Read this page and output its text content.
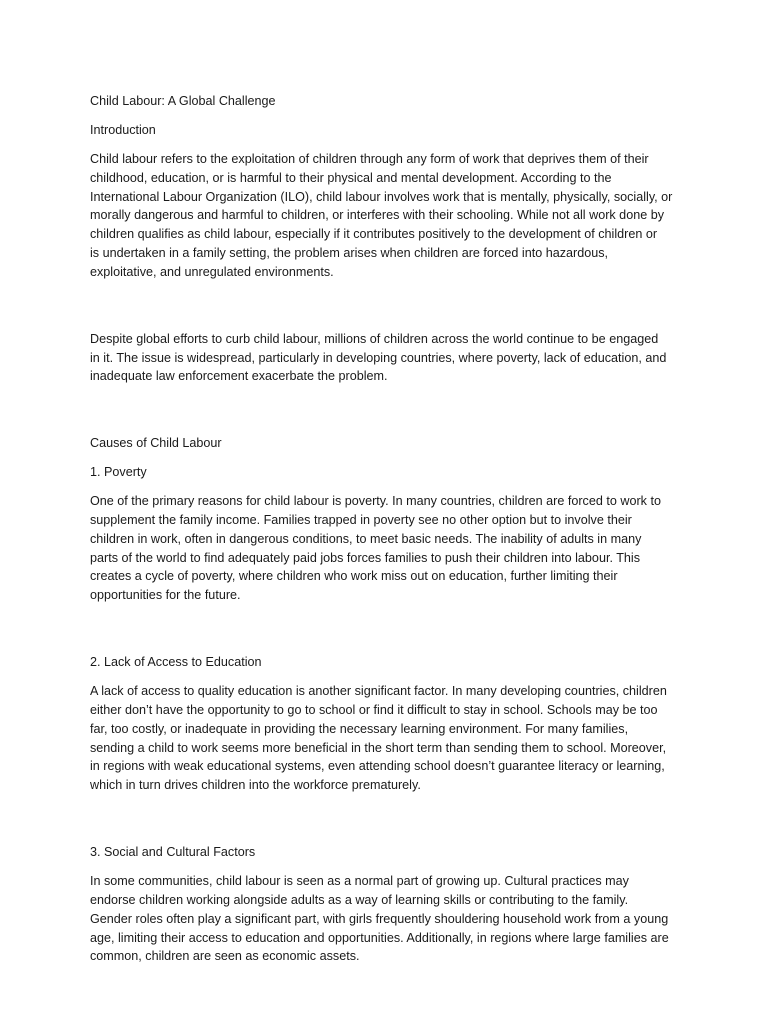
Child Labour: A Global Challenge
Introduction
Child labour refers to the exploitation of children through any form of work that deprives them of their
childhood, education, or is harmful to their physical and mental development. According to the
International Labour Organization (ILO), child labour involves work that is mentally, physically, socially, or
morally dangerous and harmful to children, or interferes with their schooling. While not all work done by
children qualifies as child labour, especially if it contributes positively to the development of children or
is undertaken in a family setting, the problem arises when children are forced into hazardous,
exploitative, and unregulated environments.
Despite global efforts to curb child labour, millions of children across the world continue to be engaged
in it. The issue is widespread, particularly in developing countries, where poverty, lack of education, and
inadequate law enforcement exacerbate the problem.
Causes of Child Labour
1. Poverty
One of the primary reasons for child labour is poverty. In many countries, children are forced to work to
supplement the family income. Families trapped in poverty see no other option but to involve their
children in work, often in dangerous conditions, to meet basic needs. The inability of adults in many
parts of the world to find adequately paid jobs forces families to push their children into labour. This
creates a cycle of poverty, where children who work miss out on education, further limiting their
opportunities for the future.
2. Lack of Access to Education
A lack of access to quality education is another significant factor. In many developing countries, children
either don’t have the opportunity to go to school or find it difficult to stay in school. Schools may be too
far, too costly, or inadequate in providing the necessary learning environment. For many families,
sending a child to work seems more beneficial in the short term than sending them to school. Moreover,
in regions with weak educational systems, even attending school doesn’t guarantee literacy or learning,
which in turn drives children into the workforce prematurely.
3. Social and Cultural Factors
In some communities, child labour is seen as a normal part of growing up. Cultural practices may
endorse children working alongside adults as a way of learning skills or contributing to the family.
Gender roles often play a significant part, with girls frequently shouldering household work from a young
age, limiting their access to education and opportunities. Additionally, in regions where large families are
common, children are seen as economic assets.
